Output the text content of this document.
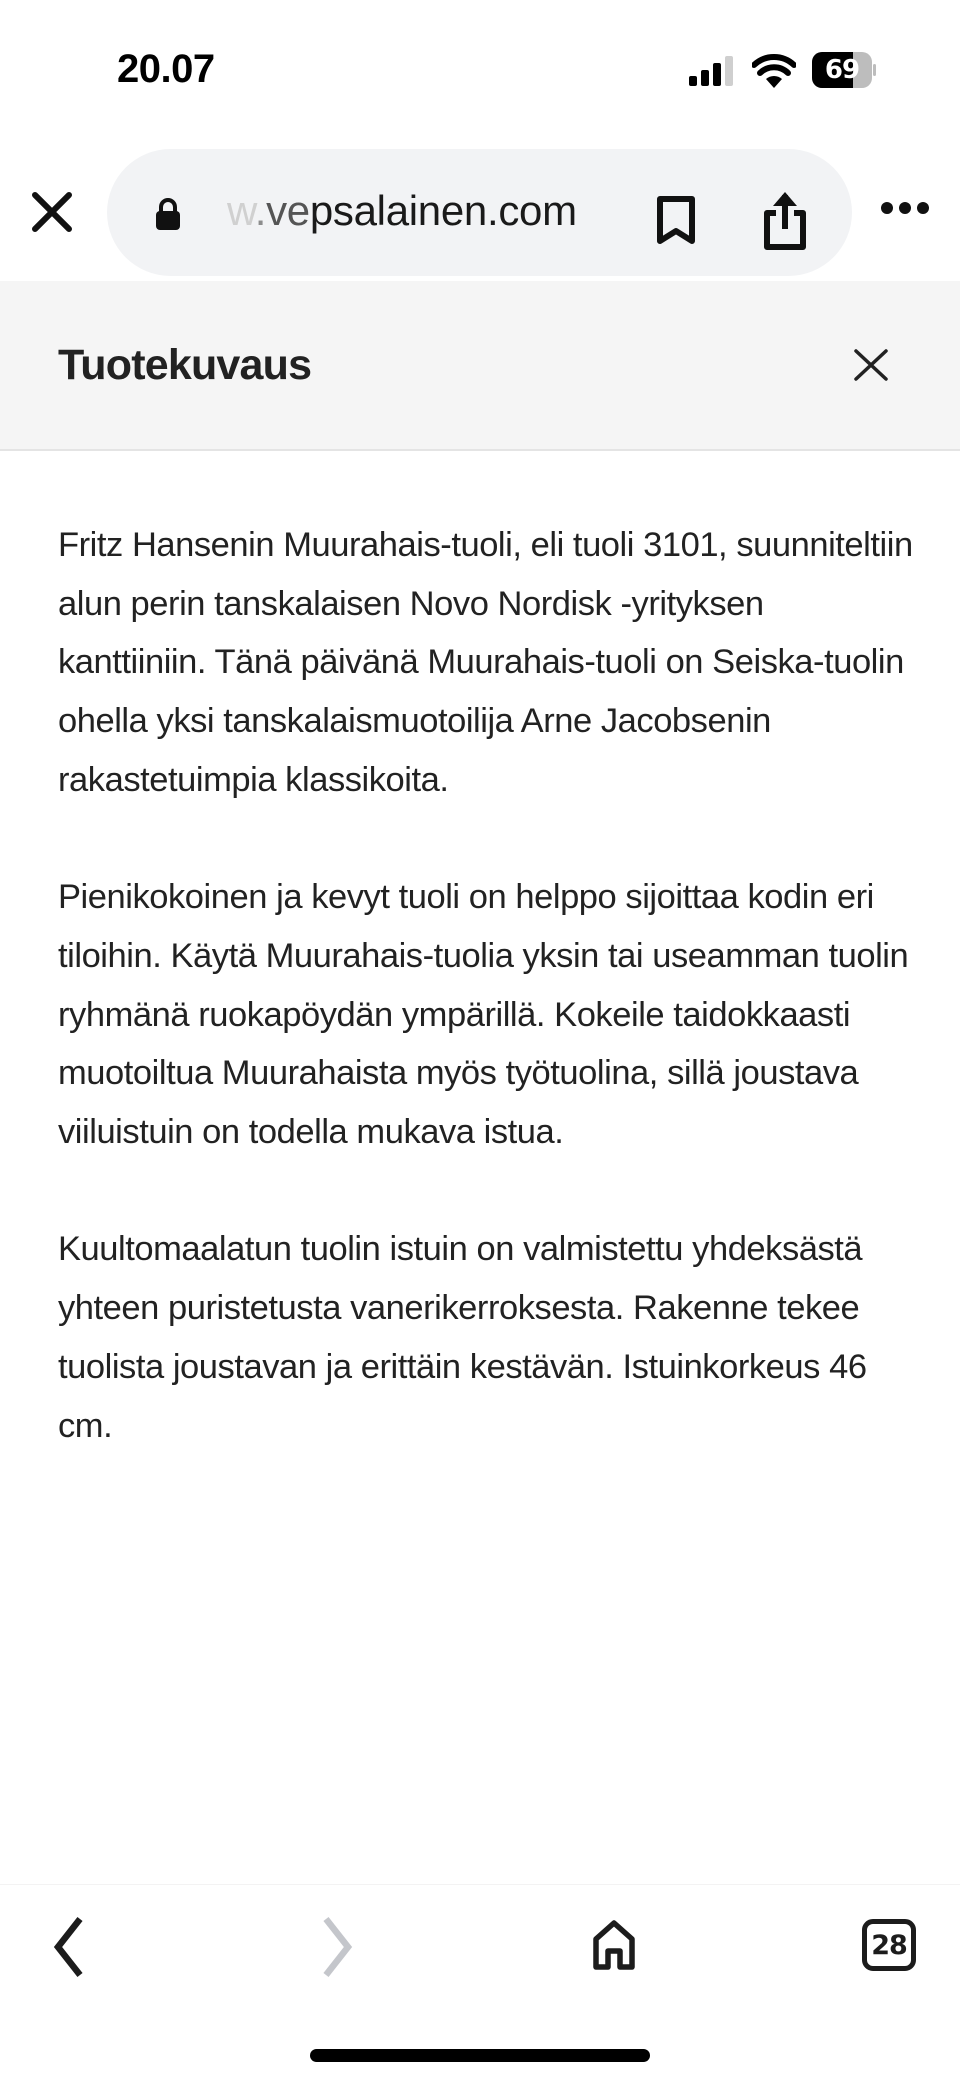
20.07	69
w.vepsalainen.com
Tuotekuvaus

Fritz Hansenin Muurahais-tuoli, eli tuoli 3101, suunniteltiin alun perin tanskalaisen Novo Nordisk -yrityksen kanttiiniin. Tänä päivänä Muurahais-tuoli on Seiska-tuolin ohella yksi tanskalaismuotoilija Arne Jacobsenin rakastetuimpia klassikoita.

Pienikokoinen ja kevyt tuoli on helppo sijoittaa kodin eri tiloihin. Käytä Muurahais-tuolia yksin tai useamman tuolin ryhmänä ruokapöydän ympärillä. Kokeile taidokkaasti muotoiltua Muurahaista myös työtuolina, sillä joustava viiluistuin on todella mukava istua.

Kuultomaalatun tuolin istuin on valmistettu yhdeksästä yhteen puristetusta vanerikerroksesta. Rakenne tekee tuolista joustavan ja erittäin kestävän. Istuinkorkeus 46 cm.

28
